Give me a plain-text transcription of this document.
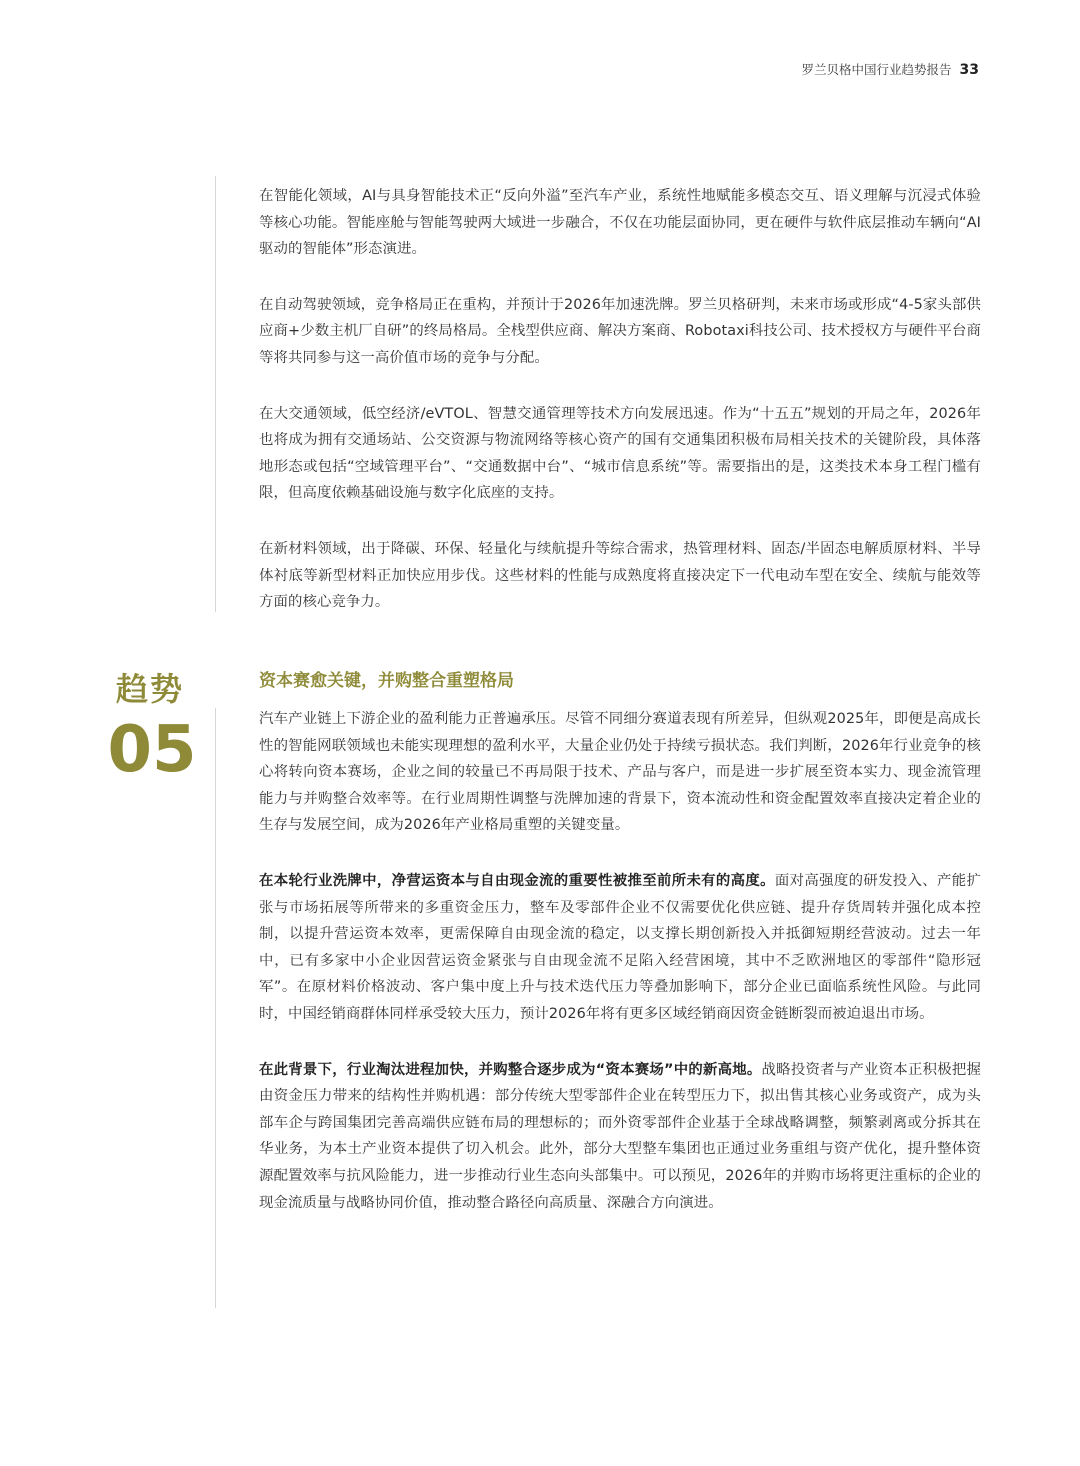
罗兰贝格中国行业趋势报告 33

在智能化领域，AI与具身智能技术正“反向外溢”至汽车产业，系统性地赋能多模态交互、语义理解与沉浸式体验等核心功能。智能座舱与智能驾驶两大域进一步融合，不仅在功能层面协同，更在硬件与软件底层推动车辆向“AI驱动的智能体”形态演进。

在自动驾驶领域，竞争格局正在重构，并预计于2026年加速洗牌。罗兰贝格研判，未来市场或形成“4-5家头部供应商+少数主机厂自研”的终局格局。全栈型供应商、解决方案商、Robotaxi科技公司、技术授权方与硬件平台商等将共同参与这一高价值市场的竞争与分配。

在大交通领域，低空经济/eVTOL、智慧交通管理等技术方向发展迅速。作为“十五五”规划的开局之年，2026年也将成为拥有交通场站、公交资源与物流网络等核心资产的国有交通集团积极布局相关技术的关键阶段，具体落地形态或包括“空域管理平台”、“交通数据中台”、“城市信息系统”等。需要指出的是，这类技术本身工程门槛有限，但高度依赖基础设施与数字化底座的支持。

在新材料领域，出于降碳、环保、轻量化与续航提升等综合需求，热管理材料、固态/半固态电解质原材料、半导体衬底等新型材料正加快应用步伐。这些材料的性能与成熟度将直接决定下一代电动车型在安全、续航与能效等方面的核心竞争力。

趋势
05
资本赛愈关键，并购整合重塑格局

汽车产业链上下游企业的盈利能力正普遍承压。尽管不同细分赛道表现有所差异，但纵观2025年，即便是高成长性的智能网联领域也未能实现理想的盈利水平，大量企业仍处于持续亏损状态。我们判断，2026年行业竞争的核心将转向资本赛场，企业之间的较量已不再局限于技术、产品与客户，而是进一步扩展至资本实力、现金流管理能力与并购整合效率等。在行业周期性调整与洗牌加速的背景下，资本流动性和资金配置效率直接决定着企业的生存与发展空间，成为2026年产业格局重塑的关键变量。

在本轮行业洗牌中，净营运资本与自由现金流的重要性被推至前所未有的高度。面对高强度的研发投入、产能扩张与市场拓展等所带来的多重资金压力，整车及零部件企业不仅需要优化供应链、提升存货周转并强化成本控制，以提升营运资本效率，更需保障自由现金流的稳定，以支撑长期创新投入并抵御短期经营波动。过去一年中，已有多家中小企业因营运资金紧张与自由现金流不足陷入经营困境，其中不乏欧洲地区的零部件“隐形冠军”。在原材料价格波动、客户集中度上升与技术迭代压力等叠加影响下，部分企业已面临系统性风险。与此同时，中国经销商群体同样承受较大压力，预计2026年将有更多区域经销商因资金链断裂而被迫退出市场。

在此背景下，行业淘汰进程加快，并购整合逐步成为“资本赛场”中的新高地。战略投资者与产业资本正积极把握由资金压力带来的结构性并购机遇：部分传统大型零部件企业在转型压力下，拟出售其核心业务或资产，成为头部车企与跨国集团完善高端供应链布局的理想标的；而外资零部件企业基于全球战略调整，频繁剥离或分拆其在华业务，为本土产业资本提供了切入机会。此外，部分大型整车集团也正通过业务重组与资产优化，提升整体资源配置效率与抗风险能力，进一步推动行业生态向头部集中。可以预见，2026年的并购市场将更注重标的企业的现金流质量与战略协同价值，推动整合路径向高质量、深融合方向演进。
